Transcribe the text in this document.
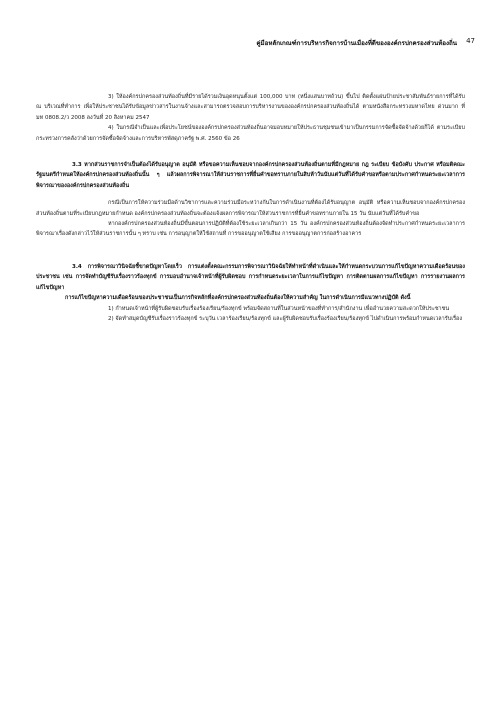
คู่มือหลักเกณฑ์การบริหารกิจการบ้านเมืองที่ดีขององค์กรปกครองส่วนท้องถิ่น 47

3) ให้องค์กรปกครองส่วนท้องถิ่นที่มีรายได้รวมเงินอุดหนุนตั้งแต่ 100,000 บาท (หนึ่งแสนบาทถ้วน) ขึ้นไป ติดตั้งแผ่นป้ายประชาสัมพันธ์รายการที่ได้รับ ณ บริเวณที่ทำการ เพื่อให้ประชาชนได้รับข้อมูลข่าวสารในงานจ้างและสามารถตรวจสอบการบริหารงานขององค์กรปกครองส่วนท้องถิ่นได้ ตามหนังสือกระทรวงมหาดไทย ด่วนมาก ที่ มท 0808.2/ว 2008 ลงวันที่ 20 สิงหาคม 2547

4) ในกรณีจำเป็นและเพื่อประโยชน์ขององค์กรปกครองส่วนท้องถิ่นอาจมอบหมายให้ประธานชุมชนเข้ามาเป็นกรรมการจัดซื้อจัดจ้างด้วยก็ได้ ตามระเบียบกระทรวงการคลังว่าด้วยการจัดซื้อจัดจ้างและการบริหารพัสดุภาครัฐ พ.ศ. 2560 ข้อ 26

3.3 หากส่วนราชการจำเป็นต้องได้รับอนุญาต อนุมัติ หรือขอความเห็นชอบจากองค์กรปกครองส่วนท้องถิ่นตามที่มีกฎหมาย กฎ ระเบียบ ข้อบังคับ ประกาศ หรือมติคณะรัฐมนตรีกำหนดให้องค์กรปกครองส่วนท้องถิ่นนั้น ๆ แล้วผลการพิจารณาให้ส่วนราชการที่ยื่นคำขอทราบภายในสิบห้าวันนับแต่วันที่ได้รับคำขอหรือตามประกาศกำหนดระยะเวลาการพิจารณาขององค์กรปกครองส่วนท้องถิ่น

กรณีเป็นการให้ความร่วมมือด้านวิชาการและความร่วมมือระหว่างกันในการดำเนินงานที่ต้องได้รับอนุญาต อนุมัติ หรือความเห็นชอบจากองค์กรปกครองส่วนท้องถิ่นตามที่ระเบียบกฎหมายกำหนด องค์กรปกครองส่วนท้องถิ่นจะต้องแจ้งผลการพิจารณาให้ส่วนราชการที่ยื่นคำขอทราบภายใน 15 วัน นับแต่วันที่ได้รับคำขอ

หากองค์กรปกครองส่วนท้องถิ่นมีขั้นตอนการปฏิบัติที่ต้องใช้ระยะเวลาเกินกว่า 15 วัน องค์กรปกครองส่วนท้องถิ่นต้องจัดทำประกาศกำหนดระยะเวลาการพิจารณาเรื่องดังกล่าวไว้ให้ส่วนราชการนั้น ๆ ทราบ เช่น การอนุญาตให้ใช้สถานที่ การขออนุญาตใช้เสียง การขออนุญาตการก่อสร้างอาคาร

3.4 การพิจารณาวินิจฉัยชี้ขาดปัญหาโดยเร็ว การแต่งตั้งคณะกรรมการพิจารณาวินิจฉัยให้ทำหน้าที่ดำเนินและให้กำหนดกระบวนการแก้ไขปัญหาความเดือดร้อนของประชาชน เช่น การจัดทำบัญชีรับเรื่องราวร้องทุกข์ การมอบอำนาจเจ้าหน้าที่ผู้รับผิดชอบ การกำหนดระยะเวลาในการแก้ไขปัญหา การติดตามผลการแก้ไขปัญหา การรายงานผลการแก้ไขปัญหา

การแก้ไขปัญหาความเดือดร้อนของประชาชนเป็นภารกิจหลักที่องค์กรปกครองส่วนท้องถิ่นต้องให้ความสำคัญ ในการดำเนินการมีแนวทางปฏิบัติ ดังนี้

1) กำหนดเจ้าหน้าที่ผู้รับผิดชอบรับเรื่องร้องเรียน/ร้องทุกข์ พร้อมจัดสถานที่ในส่วนหน้าของที่ทำการ/สำนักงาน เพื่ออำนวยความสะดวกให้ประชาชน

2) จัดทำสมุดบัญชีรับเรื่องราวร้องทุกข์ ระบุวัน เวลาร้องเรียน/ร้องทุกข์ และผู้รับผิดชอบรับเรื่องร้องเรียน/ร้องทุกข์ ไปดำเนินการพร้อมกำหนดเวลารับเรื่อง
